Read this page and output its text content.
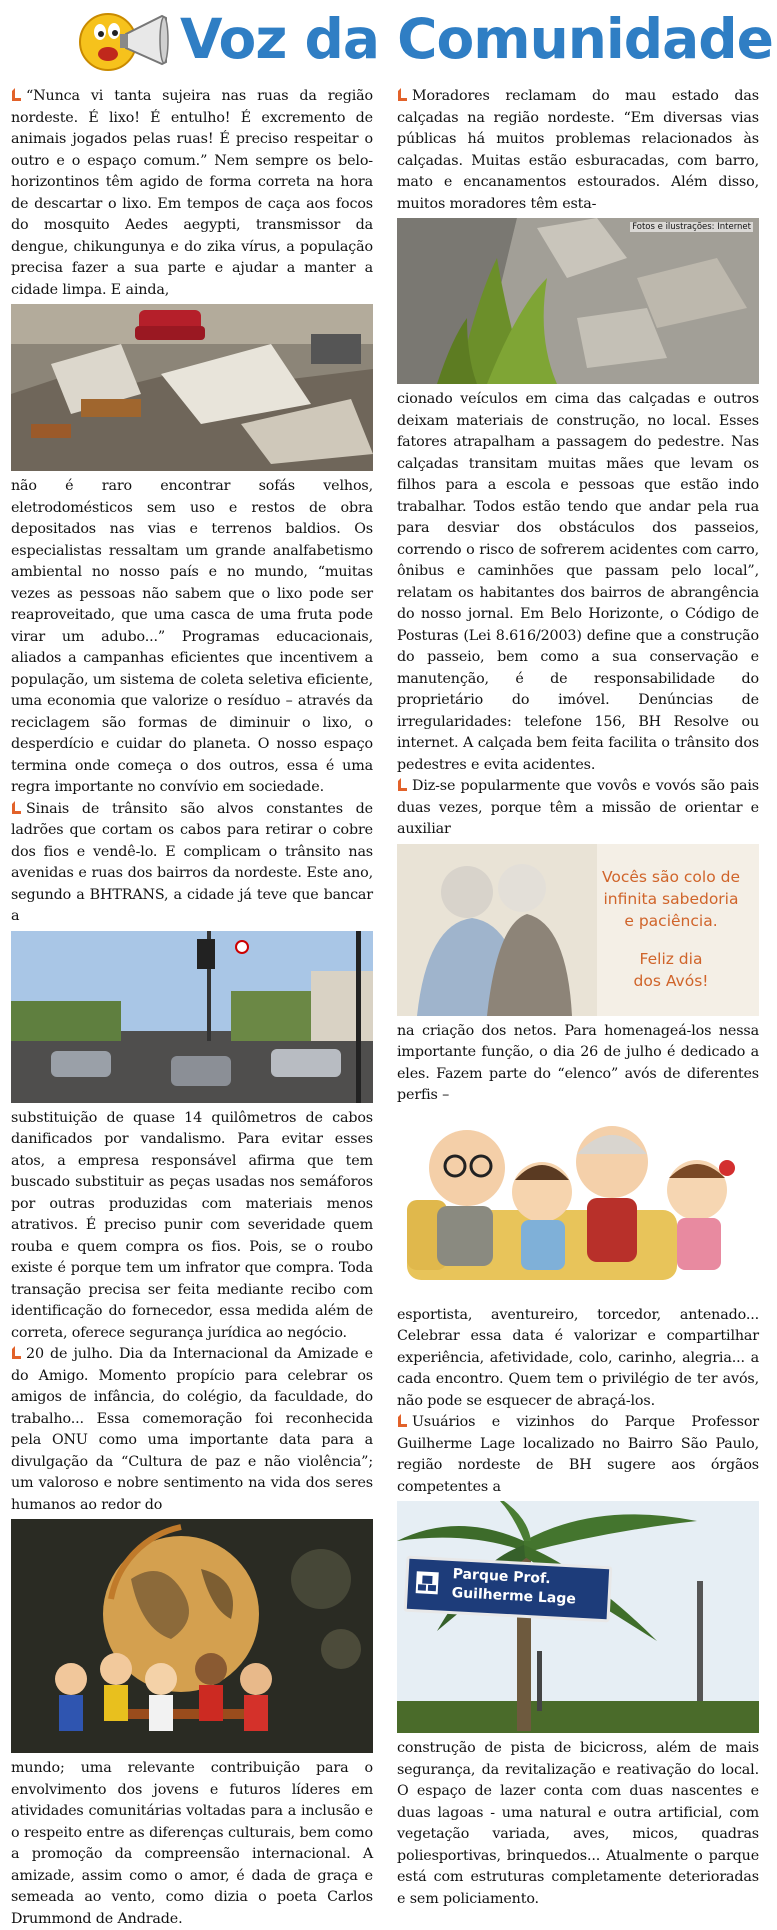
Voz da Comunidade

“Nunca vi tanta sujeira nas ruas da região nordeste. É lixo! É entulho! É excremento de animais jogados pelas ruas! É preciso respeitar o outro e o espaço comum.” Nem sempre os belo-horizontinos têm agido de forma correta na hora de descartar o lixo. Em tempos de caça aos focos do mosquito Aedes aegypti, transmissor da dengue, chikungunya e do zika vírus, a população precisa fazer a sua parte e ajudar a manter a cidade limpa. E ainda,

não é raro encontrar sofás velhos, eletrodomésticos sem uso e restos de obra depositados nas vias e terrenos baldios. Os especialistas ressaltam um grande analfabetismo ambiental no nosso país e no mundo, “muitas vezes as pessoas não sabem que o lixo pode ser reaproveitado, que uma casca de uma fruta pode virar um adubo...” Programas educacionais, aliados a campanhas eficientes que incentivem a população, um sistema de coleta seletiva eficiente, uma economia que valorize o resíduo – através da reciclagem são formas de diminuir o lixo, o desperdício e cuidar do planeta. O nosso espaço termina onde começa o dos outros, essa é uma regra importante no convívio em sociedade.

Sinais de trânsito são alvos constantes de ladrões que cortam os cabos para retirar o cobre dos fios e vendê-lo. E complicam o trânsito nas avenidas e ruas dos bairros da nordeste. Este ano, segundo a BHTRANS, a cidade já teve que bancar a

substituição de quase 14 quilômetros de cabos danificados por vandalismo. Para evitar esses atos, a empresa responsável afirma que tem buscado substituir as peças usadas nos semáforos por outras produzidas com materiais menos atrativos. É preciso punir com severidade quem rouba e quem compra os fios. Pois, se o roubo existe é porque tem um infrator que compra. Toda transação precisa ser feita mediante recibo com identificação do fornecedor, essa medida além de correta, oferece segurança jurídica ao negócio.

20 de julho. Dia da Internacional da Amizade e do Amigo. Momento propício para celebrar os amigos de infância, do colégio, da faculdade, do trabalho... Essa comemoração foi reconhecida pela ONU como uma importante data para a divulgação da “Cultura de paz e não violência”; um valoroso e nobre sentimento na vida dos seres humanos ao redor do

mundo; uma relevante contribuição para o envolvimento dos jovens e futuros líderes em atividades comunitárias voltadas para a inclusão e o respeito entre as diferenças culturais, bem como a promoção da compreensão internacional. A amizade, assim como o amor, é dada de graça e semeada ao vento, como dizia o poeta Carlos Drummond de Andrade.

Moradores reclamam do mau estado das calçadas na região nordeste. “Em diversas vias públicas há muitos problemas relacionados às calçadas. Muitas estão esburacadas, com barro, mato e encanamentos estourados. Além disso, muitos moradores têm esta-

Fotos e ilustrações: Internet

cionado veículos em cima das calçadas e outros deixam materiais de construção, no local. Esses fatores atrapalham a passagem do pedestre. Nas calçadas transitam muitas mães que levam os filhos para a escola e pessoas que estão indo trabalhar. Todos estão tendo que andar pela rua para desviar dos obstáculos dos passeios, correndo o risco de sofrerem acidentes com carro, ônibus e caminhões que passam pelo local”, relatam os habitantes dos bairros de abrangência do nosso jornal. Em Belo Horizonte, o Código de Posturas (Lei 8.616/2003) define que a construção do passeio, bem como a sua conservação e manutenção, é de responsabilidade do proprietário do imóvel. Denúncias de irregularidades: telefone 156, BH Resolve ou internet. A calçada bem feita facilita o trânsito dos pedestres e evita acidentes.

Diz-se popularmente que vovôs e vovós são pais duas vezes, porque têm a missão de orientar e auxiliar

Vocês são colo de
infinita sabedoria
e paciência.
Feliz dia
dos Avós!

na criação dos netos. Para homenageá-los nessa importante função, o dia 26 de julho é dedicado a eles. Fazem parte do “elenco” avós de diferentes perfis –

esportista, aventureiro, torcedor, antenado... Celebrar essa data é valorizar e compartilhar experiência, afetividade, colo, carinho, alegria... a cada encontro. Quem tem o privilégio de ter avós, não pode se esquecer de abraçá-los.

Usuários e vizinhos do Parque Professor Guilherme Lage localizado no Bairro São Paulo, região nordeste de BH sugere aos órgãos competentes a

Parque Prof.
Guilherme Lage

construção de pista de bicicross, além de mais segurança, da revitalização e reativação do local. O espaço de lazer conta com duas nascentes e duas lagoas - uma natural e outra artificial, com vegetação variada, aves, micos, quadras poliesportivas, brinquedos... Atualmente o parque está com estruturas completamente deterioradas e sem policiamento.
